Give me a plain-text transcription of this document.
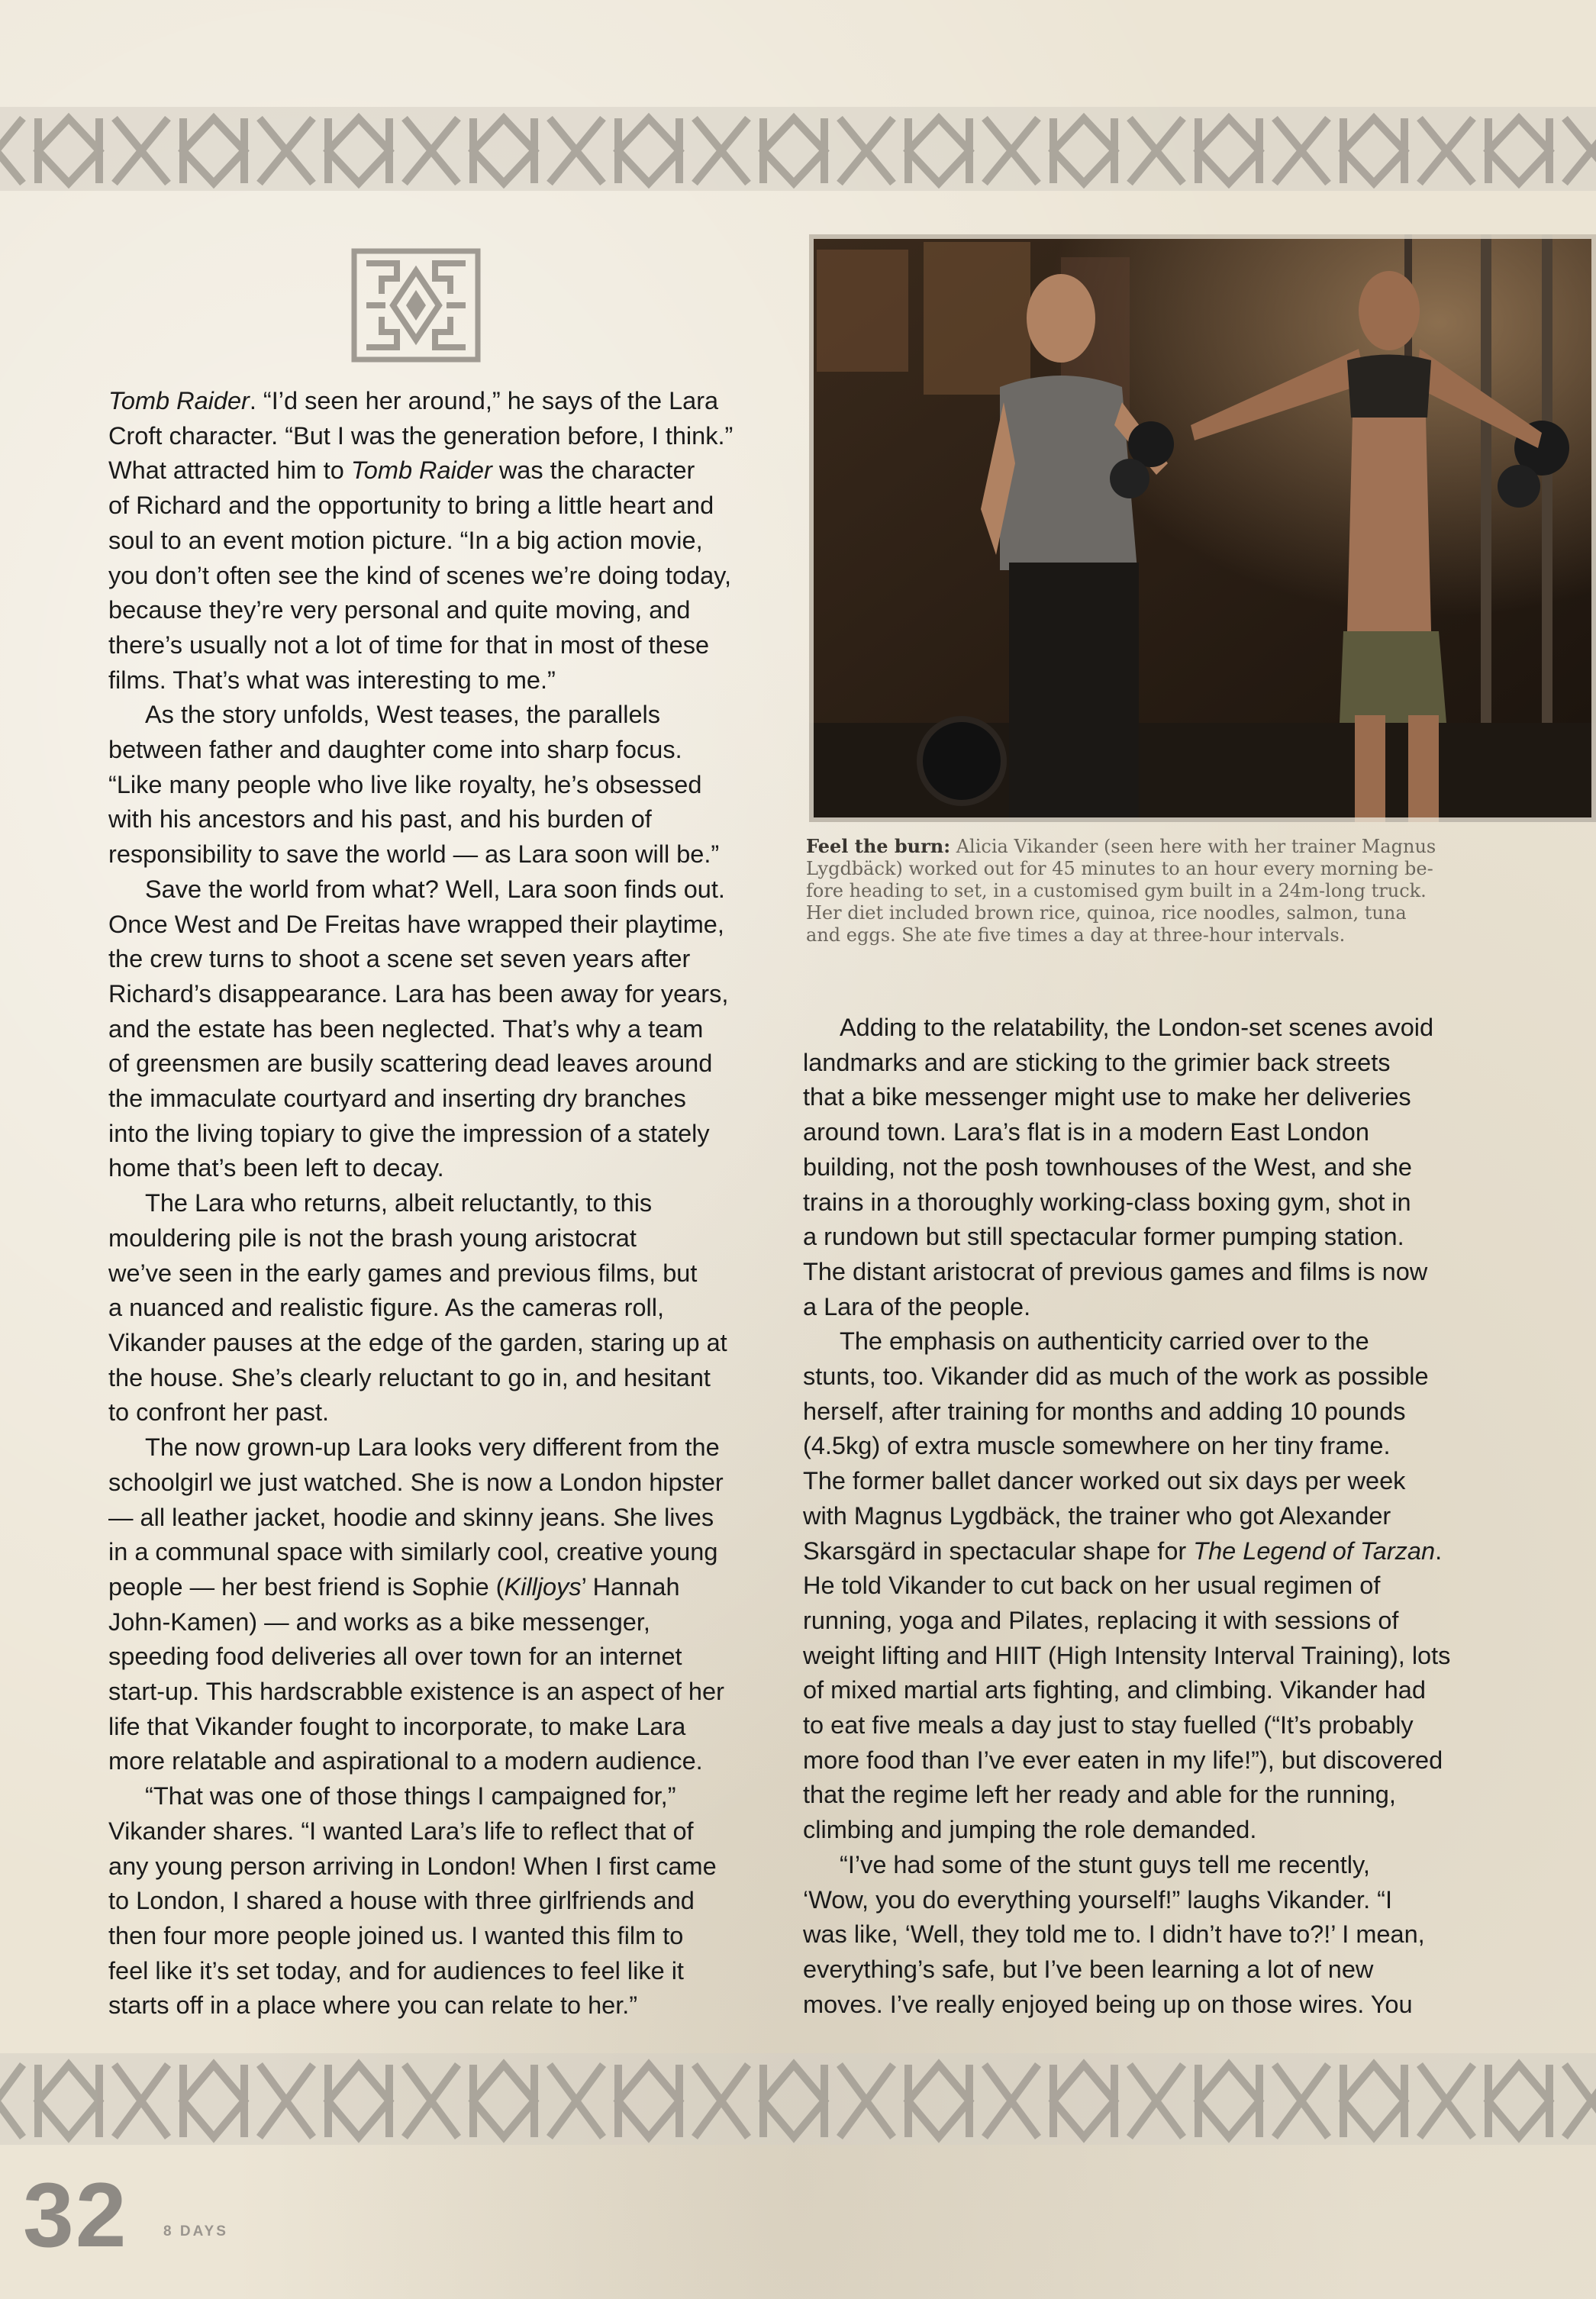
Tomb Raider. “I’d seen her around,” he says of the Lara

Croft character. “But I was the generation before, I think.”

What attracted him to Tomb Raider was the character

of Richard and the opportunity to bring a little heart and

soul to an event motion picture. “In a big action movie,

you don’t often see the kind of scenes we’re doing today,

because they’re very personal and quite moving, and

there’s usually not a lot of time for that in most of these

films. That’s what was interesting to me.”

As the story unfolds, West teases, the parallels

between father and daughter come into sharp focus.

“Like many people who live like royalty, he’s obsessed

with his ancestors and his past, and his burden of

responsibility to save the world — as Lara soon will be.”

Save the world from what? Well, Lara soon finds out.

Once West and De Freitas have wrapped their playtime,

the crew turns to shoot a scene set seven years after

Richard’s disappearance. Lara has been away for years,

and the estate has been neglected. That’s why a team

of greensmen are busily scattering dead leaves around

the immaculate courtyard and inserting dry branches

into the living topiary to give the impression of a stately

home that’s been left to decay.

The Lara who returns, albeit reluctantly, to this

mouldering pile is not the brash young aristocrat

we’ve seen in the early games and previous films, but

a nuanced and realistic figure. As the cameras roll,

Vikander pauses at the edge of the garden, staring up at

the house. She’s clearly reluctant to go in, and hesitant

to confront her past.

The now grown-up Lara looks very different from the

schoolgirl we just watched. She is now a London hipster

— all leather jacket, hoodie and skinny jeans. She lives

in a communal space with similarly cool, creative young

people — her best friend is Sophie (Killjoys’ Hannah

John-Kamen) — and works as a bike messenger,

speeding food deliveries all over town for an internet

start-up. This hardscrabble existence is an aspect of her

life that Vikander fought to incorporate, to make Lara

more relatable and aspirational to a modern audience.

“That was one of those things I campaigned for,”

Vikander shares. “I wanted Lara’s life to reflect that of

any young person arriving in London! When I first came

to London, I shared a house with three girlfriends and

then four more people joined us. I wanted this film to

feel like it’s set today, and for audiences to feel like it

starts off in a place where you can relate to her.”

Feel the burn: Alicia Vikander (seen here with her trainer Magnus

Lygdbäck) worked out for 45 minutes to an hour every morning be-

fore heading to set, in a customised gym built in a 24m-long truck.

Her diet included brown rice, quinoa, rice noodles, salmon, tuna

and eggs. She ate five times a day at three-hour intervals.

Adding to the relatability, the London-set scenes avoid

landmarks and are sticking to the grimier back streets

that a bike messenger might use to make her deliveries

around town. Lara’s flat is in a modern East London

building, not the posh townhouses of the West, and she

trains in a thoroughly working-class boxing gym, shot in

a rundown but still spectacular former pumping station.

The distant aristocrat of previous games and films is now

a Lara of the people.

The emphasis on authenticity carried over to the

stunts, too. Vikander did as much of the work as possible

herself, after training for months and adding 10 pounds

(4.5kg) of extra muscle somewhere on her tiny frame.

The former ballet dancer worked out six days per week

with Magnus Lygdbäck, the trainer who got Alexander

Skarsgärd in spectacular shape for The Legend of Tarzan.

He told Vikander to cut back on her usual regimen of

running, yoga and Pilates, replacing it with sessions of

weight lifting and HIIT (High Intensity Interval Training), lots

of mixed martial arts fighting, and climbing. Vikander had

to eat five meals a day just to stay fuelled (“It’s probably

more food than I’ve ever eaten in my life!”), but discovered

that the regime left her ready and able for the running,

climbing and jumping the role demanded.

“I’ve had some of the stunt guys tell me recently,

‘Wow, you do everything yourself!” laughs Vikander. “I

was like, ‘Well, they told me to. I didn’t have to?!’ I mean,

everything’s safe, but I’ve been learning a lot of new

moves. I’ve really enjoyed being up on those wires. You

32 8 DAYS
